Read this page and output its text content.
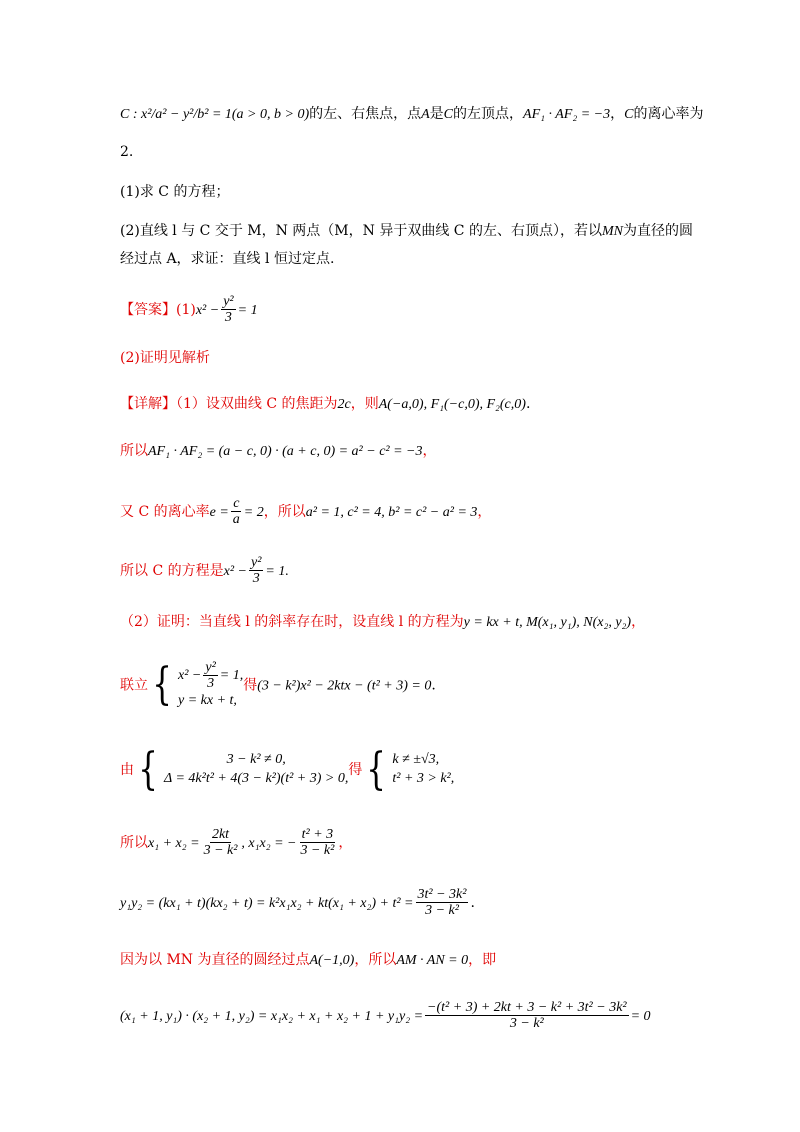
C : x²/a² − y²/b² = 1(a > 0, b > 0)的左、右焦点，点A是C的左顶点，AF₁ · AF₂ = −3，C的离心率为
2.
(1)求 C 的方程；
(2)直线 l 与 C 交于 M，N 两点（M，N 异于双曲线 C 的左、右顶点），若以MN为直径的圆
经过点 A，求证：直线 l 恒过定点.
【答案】$(1)x^2 - \frac{\text{y²}}{3} = 1$
(2)证明见解析
【详解】（1）设双曲线 C 的焦距为2c，则A(−a,0), F₁(−c,0), F₂(c,0).
所以AF₁ · AF₂ = (a − c, 0) · (a + c, 0) = a² − c² = −3，
又 C 的离心率$e = \frac{c}{a} = 2$，所以a² = 1, c² = 4, b² = c² − a² = 3，
所以 C 的方程是$x^2 - \frac{\text{y²}}{3} = 1$.
（2）证明：当直线 l 的斜率存在时，设直线 l 的方程为y = kx + t, M(x₁, y₁), N(x₂, y₂)，
联立 { $x^2 - \frac{\text{y²}}{3} = 1$,
y = kx + t,
得(3 − k²)x² − 2ktx − (t² + 3) = 0.
由 {	3 − k² ≠ 0,
Δ = 4k²t² + 4(3 − k²)(t² + 3) > 0,
得 { k ≠ ±√3,
t² + 3 > k²,
所以$x_1 + x_2 = \frac{2kt}{\text{3 − k²}}$ , x₁x₂ = − $\frac{\text{t² + 3}}{\text{3 − k²}}$ ，
$y_1y_2 = (kx_1 + t)(kx_2 + t) = k^2x_1x_2 + kt(x_1 + x_2) + t^2 = \frac{\text{3t² − 3k²}}{\text{3 − k²}}$ .
因为以 MN 为直径的圆经过点A(−1,0)，所以AM · AN = 0，即
(x₁ + 1, y₁) · (x₂ + 1, $y_2) = x_1x_2 + x_1 + x_2 + 1 + y_1y_2 = \frac{\text{−(t² + 3) + 2kt + 3 − k² + 3t² − 3k²}}{\text{3 − k²}} = 0$
